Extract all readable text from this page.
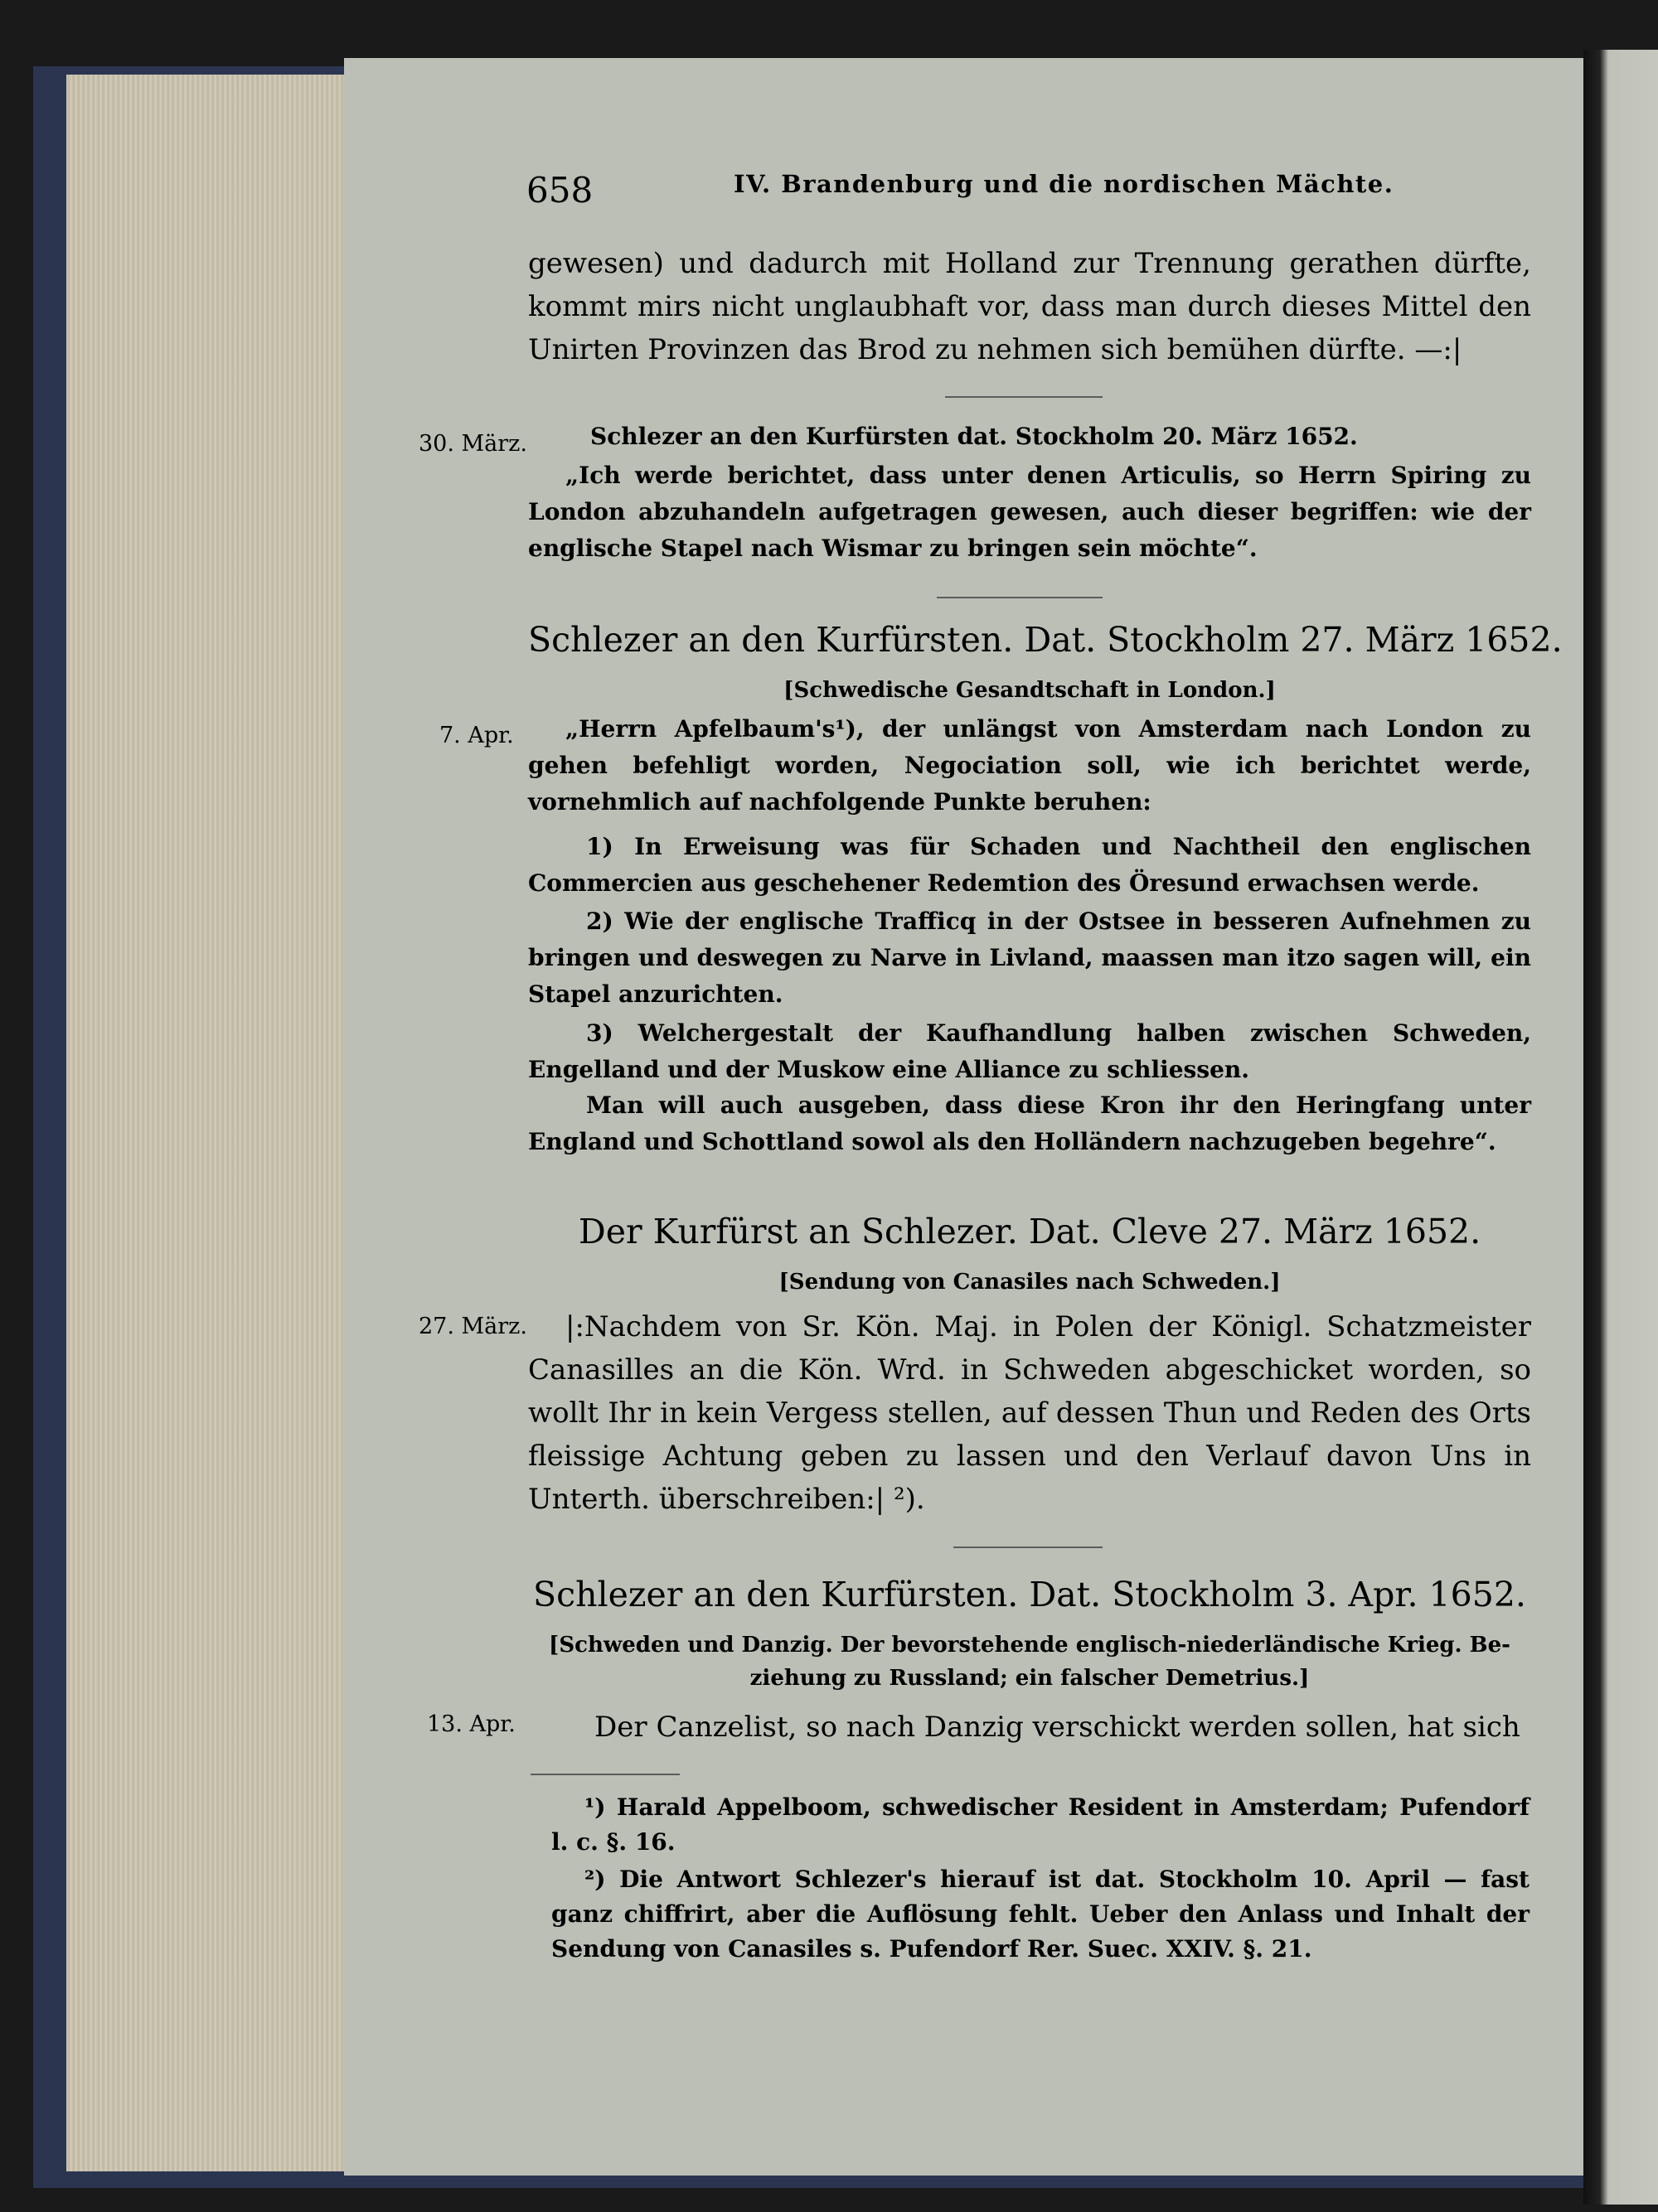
658	IV. Brandenburg und die nordischen Mächte.

gewesen) und dadurch mit Holland zur Trennung gerathen dürfte, kommt mirs nicht unglaubhaft vor, dass man durch dieses Mittel den Unirten Provinzen das Brod zu nehmen sich bemühen dürfte. —:|

30. März.	Schlezer an den Kurfürsten dat. Stockholm 20. März 1652.

„Ich werde berichtet, dass unter denen Articulis, so Herrn Spiring zu London abzuhandeln aufgetragen gewesen, auch dieser begriffen: wie der englische Stapel nach Wismar zu bringen sein möchte“.

Schlezer an den Kurfürsten. Dat. Stockholm 27. März 1652.
[Schwedische Gesandtschaft in London.]
7. Apr.	„Herrn Apfelbaum's¹), der unlängst von Amsterdam nach London zu gehen befehligt worden, Negociation soll, wie ich berichtet werde, vornehmlich auf nachfolgende Punkte beruhen:

1) In Erweisung was für Schaden und Nachtheil den englischen Commercien aus geschehener Redemtion des Öresund erwachsen werde.

2) Wie der englische Trafficq in der Ostsee in besseren Aufnehmen zu bringen und deswegen zu Narve in Livland, maassen man itzo sagen will, ein Stapel anzurichten.

3) Welchergestalt der Kaufhandlung halben zwischen Schweden, Engelland und der Muskow eine Alliance zu schliessen.

Man will auch ausgeben, dass diese Kron ihr den Heringfang unter England und Schottland sowol als den Holländern nachzugeben begehre“.

Der Kurfürst an Schlezer. Dat. Cleve 27. März 1652.
[Sendung von Canasiles nach Schweden.]
27. März.	|:Nachdem von Sr. Kön. Maj. in Polen der Königl. Schatzmeister Canasilles an die Kön. Wrd. in Schweden abgeschicket worden, so wollt Ihr in kein Vergess stellen, auf dessen Thun und Reden des Orts fleissige Achtung geben zu lassen und den Verlauf davon Uns in Unterth. überschreiben:| ²).

Schlezer an den Kurfürsten. Dat. Stockholm 3. Apr. 1652.
[Schweden und Danzig. Der bevorstehende englisch-niederländische Krieg. Be-
ziehung zu Russland; ein falscher Demetrius.]
13. Apr.	Der Canzelist, so nach Danzig verschickt werden sollen, hat sich

¹) Harald Appelboom, schwedischer Resident in Amsterdam; Pufendorf l. c. §. 16.

²) Die Antwort Schlezer's hierauf ist dat. Stockholm 10. April — fast ganz chiffrirt, aber die Auflösung fehlt. Ueber den Anlass und Inhalt der Sendung von Canasiles s. Pufendorf Rer. Suec. XXIV. §. 21.
